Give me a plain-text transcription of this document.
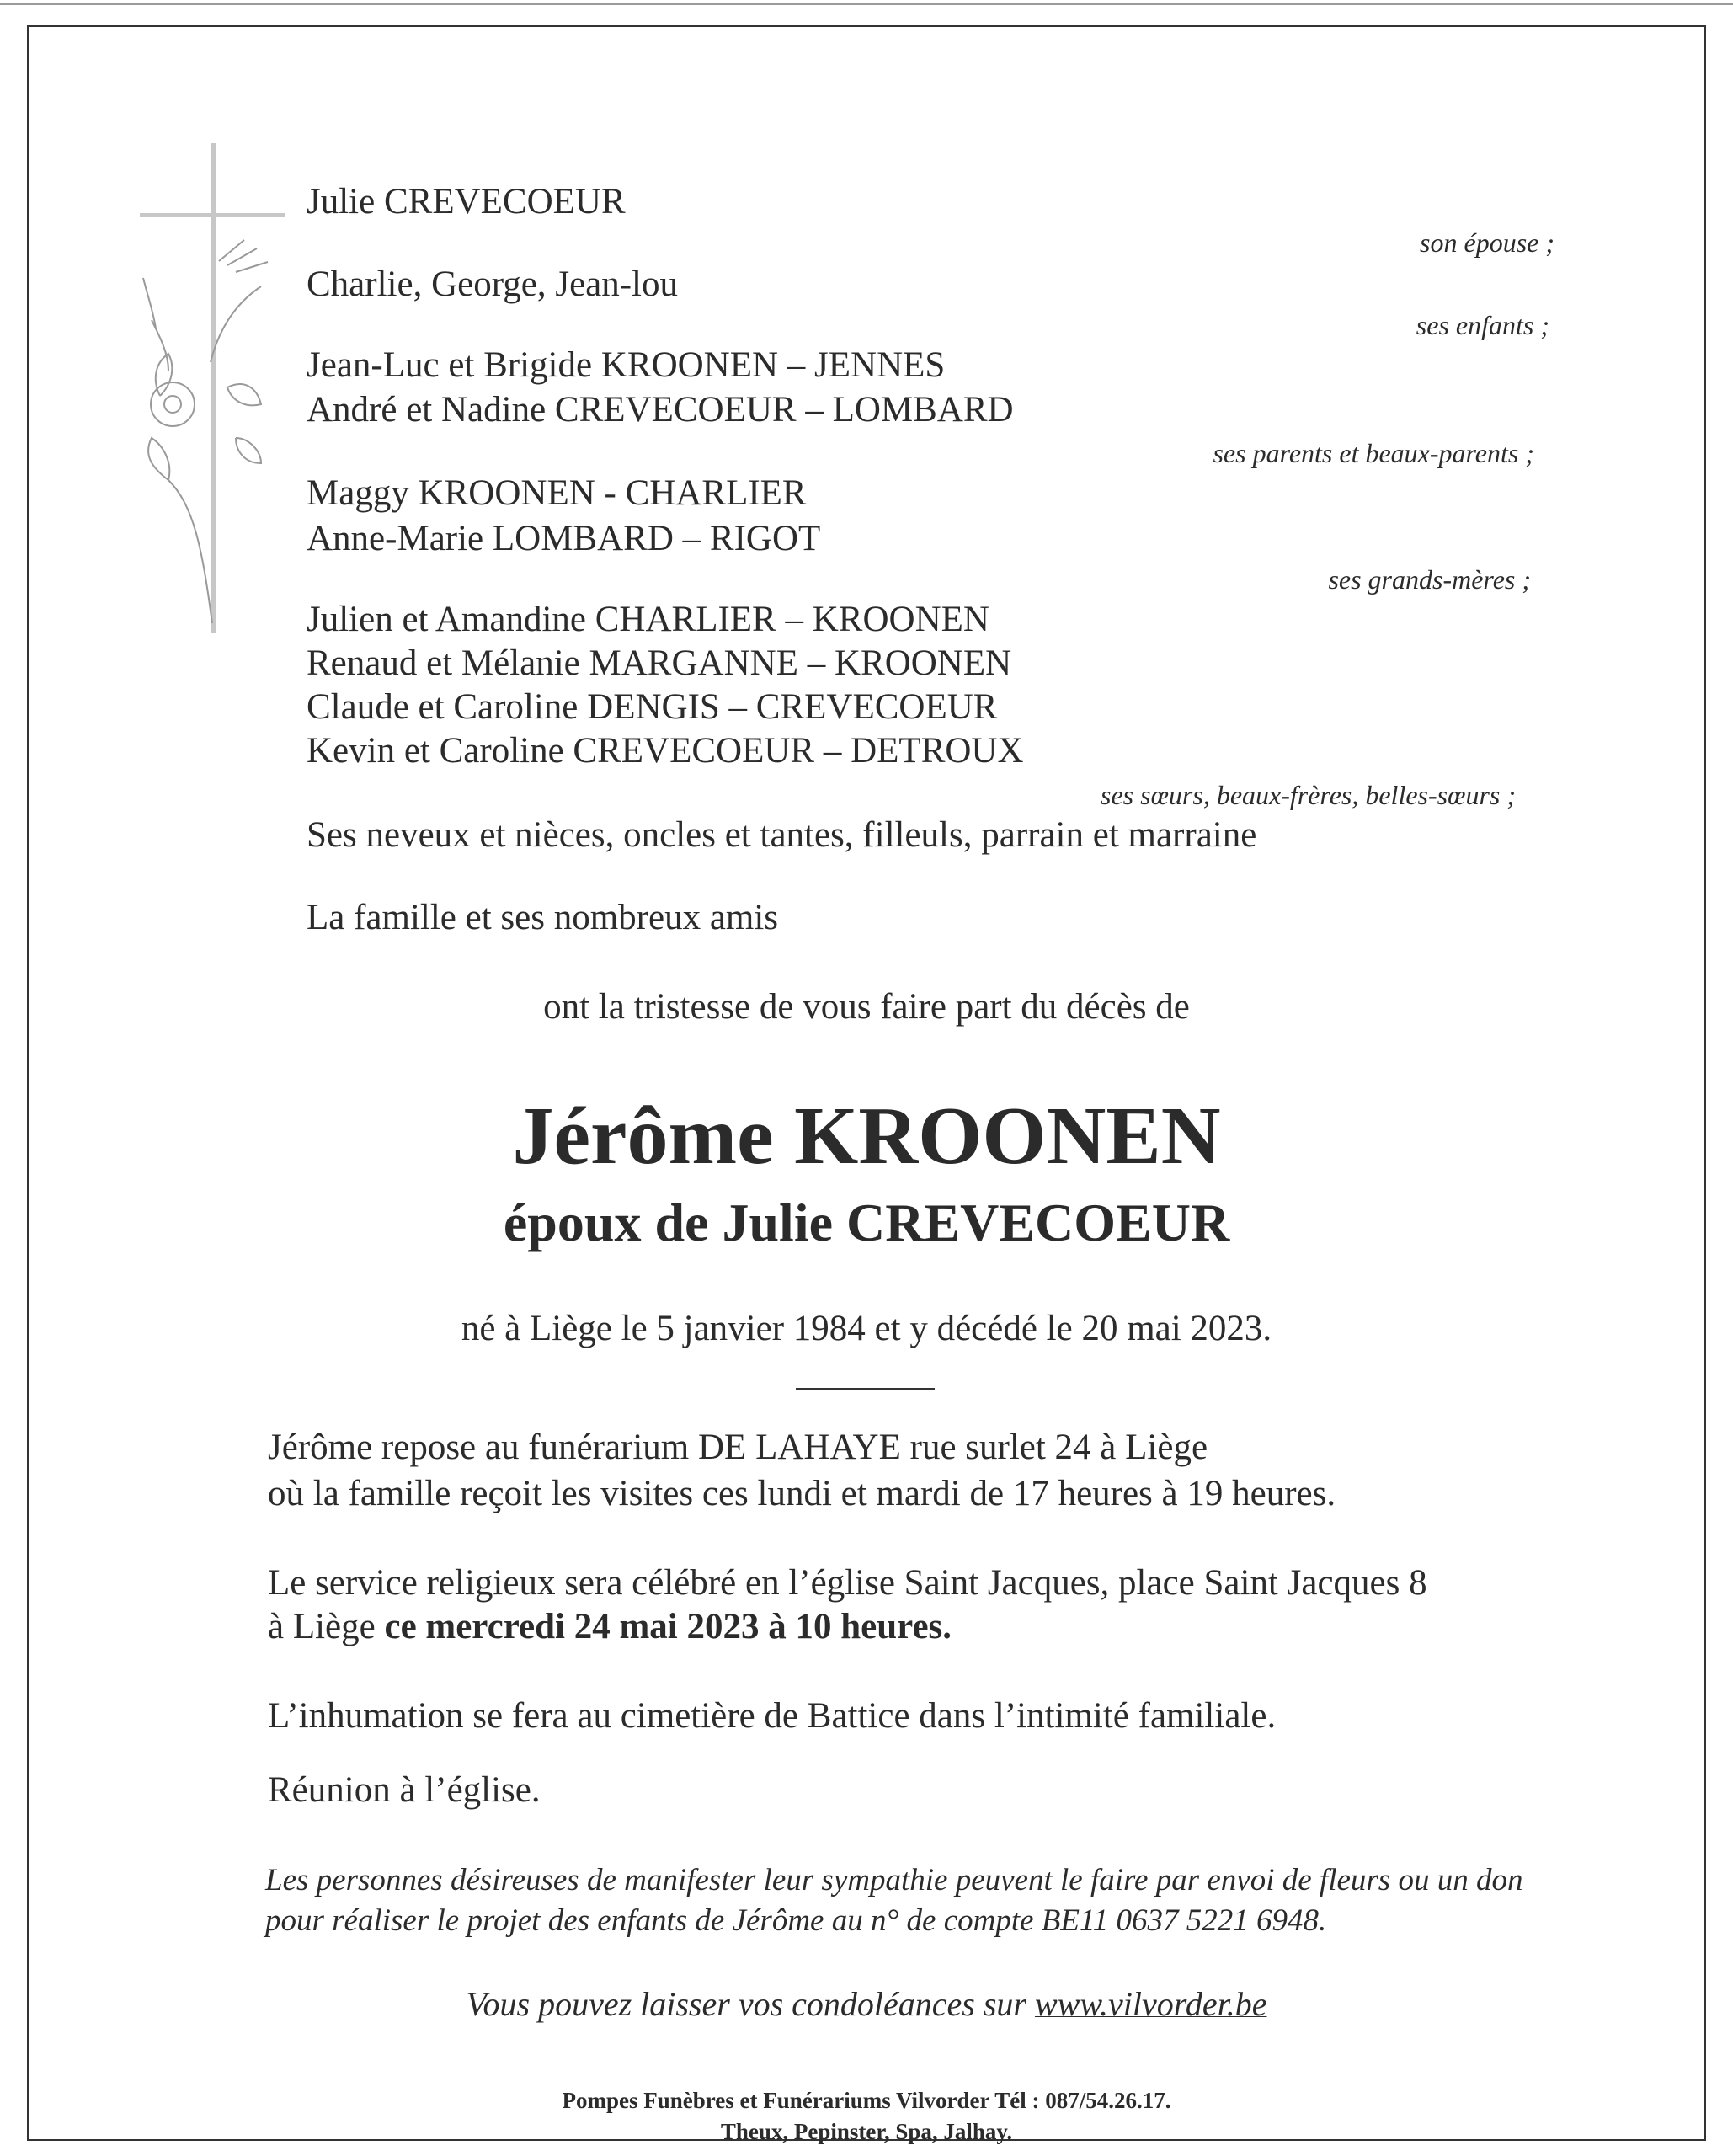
Julie CREVECOEUR
son épouse ;
Charlie, George, Jean-lou
ses enfants ;
Jean-Luc et Brigide KROONEN – JENNES
André et Nadine CREVECOEUR – LOMBARD
ses parents et beaux-parents ;
Maggy KROONEN - CHARLIER
Anne-Marie LOMBARD – RIGOT
ses grands-mères ;
Julien et Amandine CHARLIER – KROONEN
Renaud et Mélanie MARGANNE – KROONEN
Claude et Caroline DENGIS – CREVECOEUR
Kevin et Caroline CREVECOEUR – DETROUX
ses sœurs, beaux-frères, belles-sœurs ;
Ses neveux et nièces, oncles et tantes, filleuls, parrain et marraine
La famille et ses nombreux amis
ont la tristesse de vous faire part du décès de
Jérôme KROONEN
époux de Julie CREVECOEUR
né à Liège le 5 janvier 1984 et y décédé le 20 mai 2023.
Jérôme repose au funérarium DE LAHAYE rue surlet 24 à Liège
où la famille reçoit les visites ces lundi et mardi de 17 heures à 19 heures.
Le service religieux sera célébré en l’église Saint Jacques, place Saint Jacques 8
à Liège ce mercredi 24 mai 2023 à 10 heures.
L’inhumation se fera au cimetière de Battice dans l’intimité familiale.
Réunion à l’église.
Les personnes désireuses de manifester leur sympathie peuvent le faire par envoi de fleurs ou un don
pour réaliser le projet des enfants de Jérôme au n° de compte BE11 0637 5221 6948.
Vous pouvez laisser vos condoléances sur www.vilvorder.be
Pompes Funèbres et Funérariums Vilvorder Tél : 087/54.26.17.
Theux, Pepinster, Spa, Jalhay.
